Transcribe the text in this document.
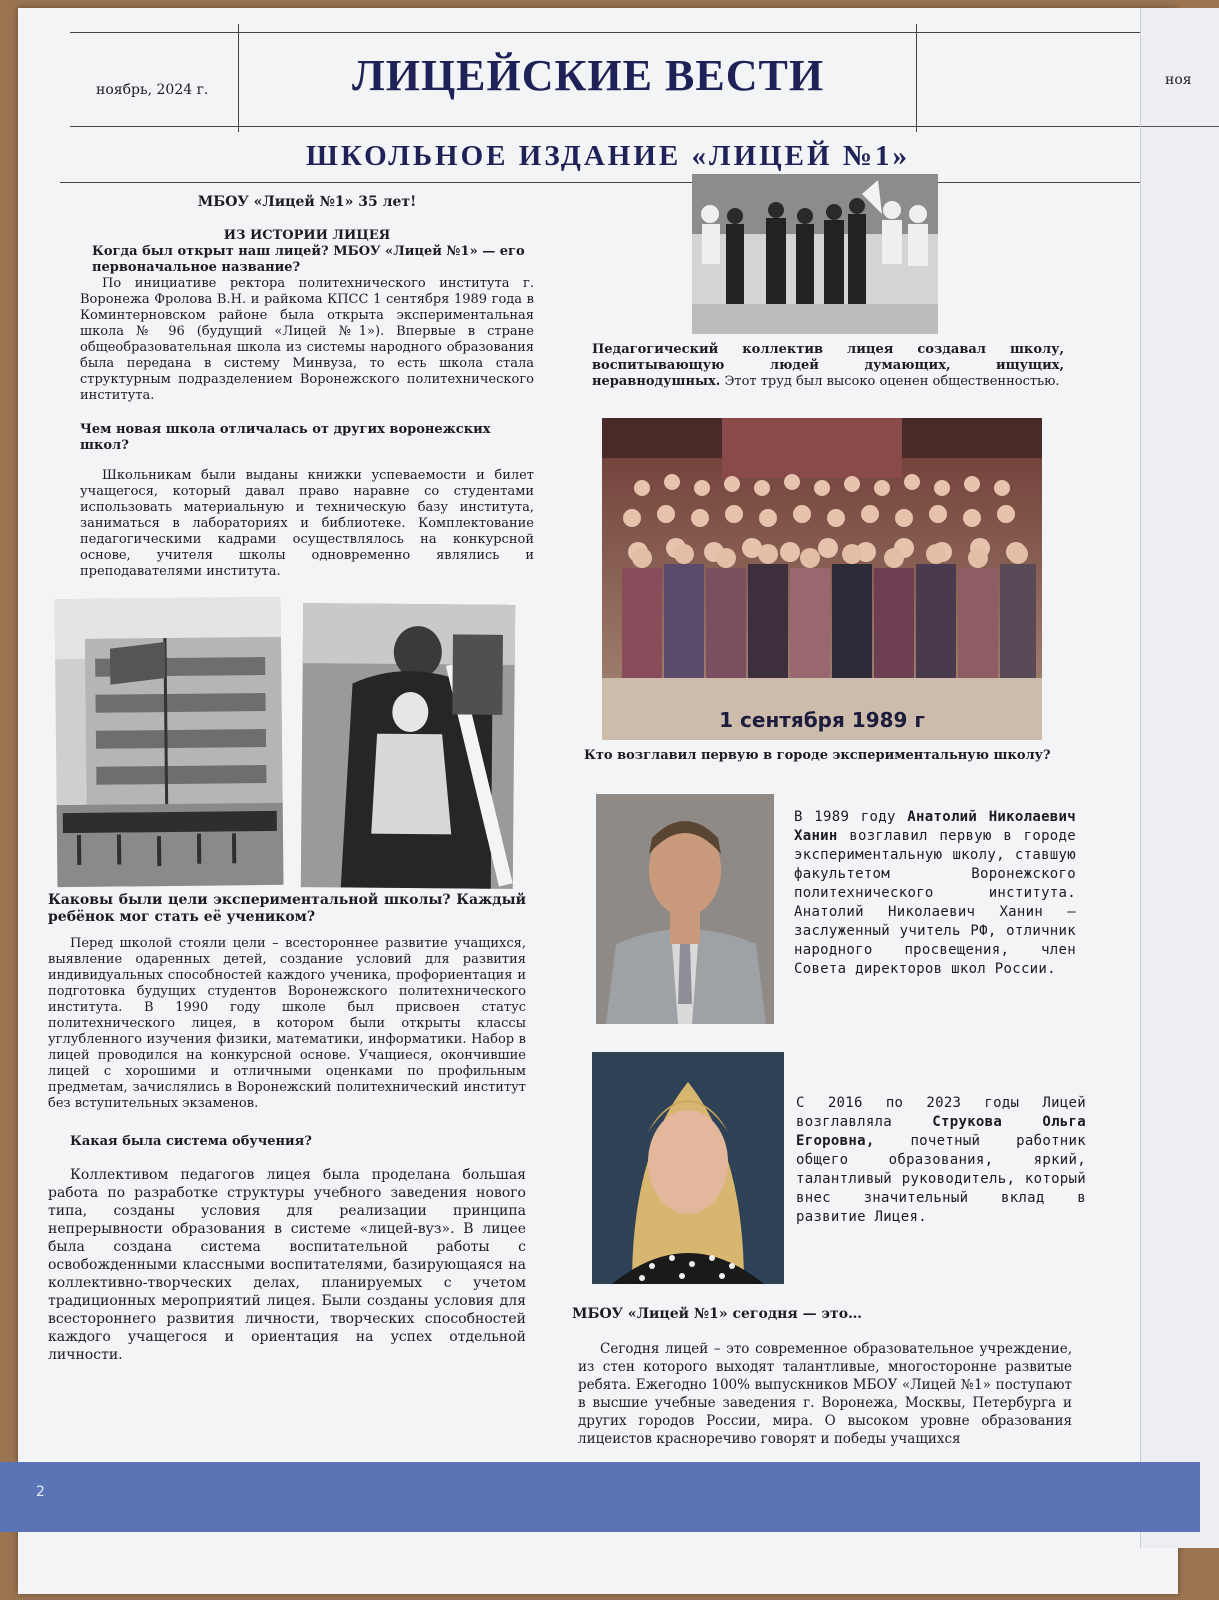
ноя
ноябрь, 2024 г.	ЛИЦЕЙСКИЕ ВЕСТИ
ШКОЛЬНОЕ ИЗДАНИЕ «ЛИЦЕЙ №1»
МБОУ «Лицей №1» 35 лет!
ИЗ ИСТОРИИ ЛИЦЕЯ
Когда был открыт наш лицей? МБОУ «Лицей №1» — его первоначальное название?

По инициативе ректора политехнического института г. Воронежа Фролова В.Н. и райкома КПСС 1 сентября 1989 года в Коминтерновском районе была открыта экспериментальная школа № 96 (будущий «Лицей №1»). Впервые в стране общеобразовательная школа из системы народного образования была передана в систему Минвуза, то есть школа стала структурным подразделением Воронежского политехнического института.

Чем новая школа отличалась от других воронежских школ?

Школьникам были выданы книжки успеваемости и билет учащегося, который давал право наравне со студентами использовать материальную и техническую базу института, заниматься в лабораториях и библиотеке. Комплектование педагогическими кадрами осуществлялось на конкурсной основе, учителя школы одновременно являлись и преподавателями института.

Каковы были цели экспериментальной школы? Каждый ребёнок мог стать её учеником?

Перед школой стояли цели – всестороннее развитие учащихся, выявление одаренных детей, создание условий для развития индивидуальных способностей каждого ученика, профориентация и подготовка будущих студентов Воронежского политехнического института. В 1990 году школе был присвоен статус политехнического лицея, в котором были открыты классы углубленного изучения физики, математики, информатики. Набор в лицей проводился на конкурсной основе. Учащиеся, окончившие лицей с хорошими и отличными оценками по профильным предметам, зачислялись в Воронежский политехнический институт без вступительных экзаменов.

Какая была система обучения?

Коллективом педагогов лицея была проделана большая работа по разработке структуры учебного заведения нового типа, созданы условия для реализации принципа непрерывности образования в системе «лицей-вуз». В лицее была создана система воспитательной работы с освобожденными классными воспитателями, базирующаяся на коллективно-творческих делах, планируемых с учетом традиционных мероприятий лицея. Были созданы условия для всестороннего развития личности, творческих способностей каждого учащегося и ориентация на успех отдельной личности.

Педагогический коллектив лицея создавал школу, воспитывающую людей думающих, ищущих, неравнодушных. Этот труд был высоко оценен общественностью.
1 сентября 1989 г
Кто возглавил первую в городе экспериментальную школу?
В 1989 году Анатолий Николаевич Ханин возглавил первую в городе экспериментальную школу, ставшую факультетом Воронежского политехнического института. Анатолий Николаевич Ханин – заслуженный учитель РФ, отличник народного просвещения, член Совета директоров школ России.
С 2016 по 2023 годы Лицей возглавляла Струкова Ольга Егоровна, почетный работник общего образования, яркий, талантливый руководитель, который внес значительный вклад в развитие Лицея.
МБОУ «Лицей №1» сегодня — это…

Сегодня лицей – это современное образовательное учреждение, из стен которого выходят талантливые, многосторонне развитые ребята. Ежегодно 100% выпускников МБОУ «Лицей №1» поступают в высшие учебные заведения г. Воронежа, Москвы, Петербурга и других городов России, мира. О высоком уровне образования лицеистов красноречиво говорят и победы учащихся

2
